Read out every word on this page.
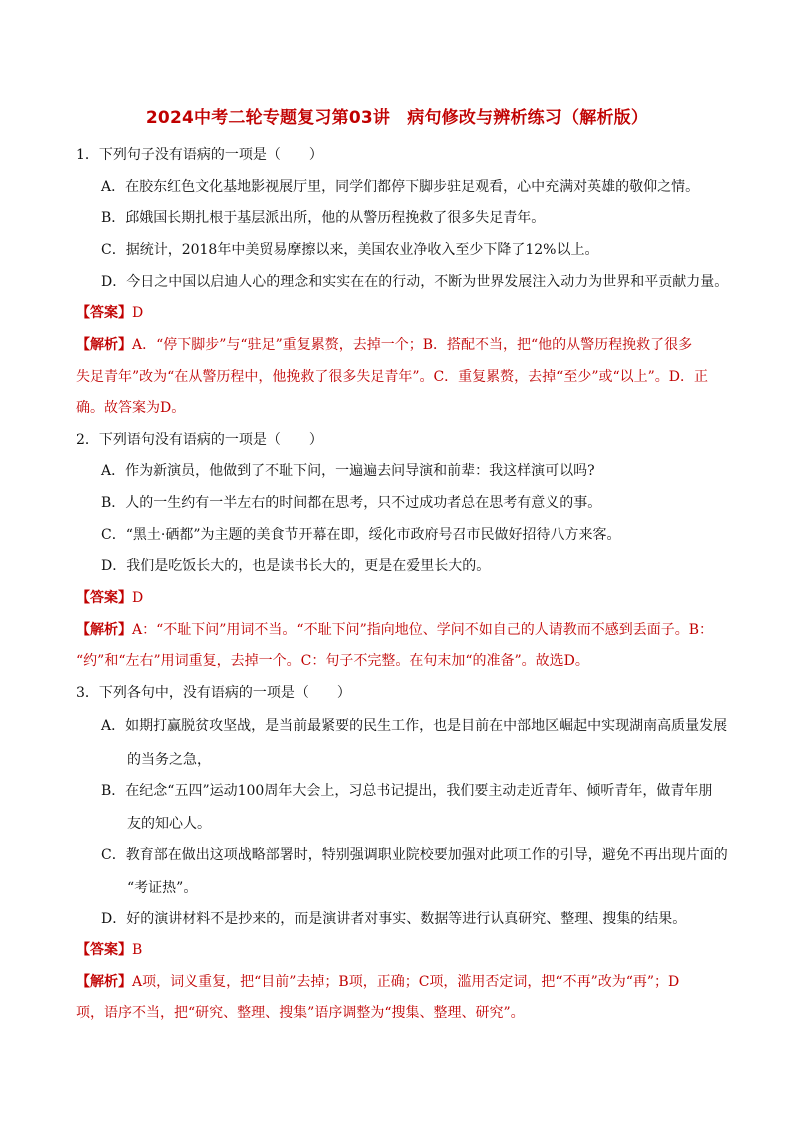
2024中考二轮专题复习第03讲　病句修改与辨析练习（解析版）
1．下列句子没有语病的一项是（　　）
A．在胶东红色文化基地影视展厅里，同学们都停下脚步驻足观看，心中充满对英雄的敬仰之情。
B．邱娥国长期扎根于基层派出所，他的从警历程挽救了很多失足青年。
C．据统计，2018年中美贸易摩擦以来，美国农业净收入至少下降了12%以上。
D．今日之中国以启迪人心的理念和实实在在的行动，不断为世界发展注入动力为世界和平贡献力量。
【答案】D
【解析】A．“停下脚步”与“驻足”重复累赘，去掉一个；B．搭配不当，把“他的从警历程挽救了很多
失足青年”改为“在从警历程中，他挽救了很多失足青年”。C．重复累赘，去掉“至少”或“以上”。D．正
确。故答案为D。
2．下列语句没有语病的一项是（　　）
A．作为新演员，他做到了不耻下问，一遍遍去问导演和前辈：我这样演可以吗?
B．人的一生约有一半左右的时间都在思考，只不过成功者总在思考有意义的事。
C．“黑土·硒都”为主题的美食节开幕在即，绥化市政府号召市民做好招待八方来客。
D．我们是吃饭长大的，也是读书长大的，更是在爱里长大的。
【答案】D
【解析】A：“不耻下问”用词不当。“不耻下问”指向地位、学问不如自己的人请教而不感到丢面子。B：
“约”和“左右”用词重复，去掉一个。C：句子不完整。在句末加“的准备”。故选D。
3．下列各句中，没有语病的一项是（　　）
A．如期打赢脱贫攻坚战，是当前最紧要的民生工作，也是目前在中部地区崛起中实现湖南高质量发展
的当务之急，
B．在纪念“五四”运动100周年大会上，习总书记提出，我们要主动走近青年、倾听青年，做青年朋
友的知心人。
C．教育部在做出这项战略部署时，特别强调职业院校要加强对此项工作的引导，避免不再出现片面的
“考证热”。
D．好的演讲材料不是抄来的，而是演讲者对事实、数据等进行认真研究、整理、搜集的结果。
【答案】B
【解析】A项，词义重复，把“目前”去掉；B项，正确；C项，滥用否定词，把“不再”改为“再”；D
项，语序不当，把“研究、整理、搜集”语序调整为“搜集、整理、研究”。
